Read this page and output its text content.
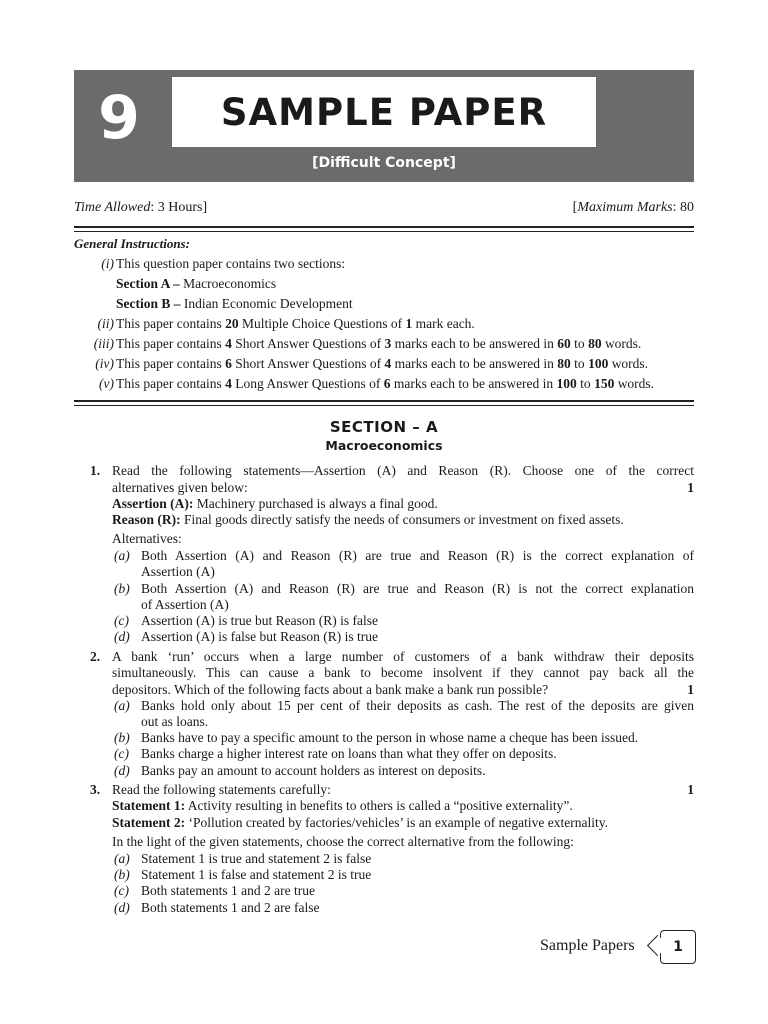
9 SAMPLE PAPER
[Difficult Concept]
Time Allowed: 3 Hours]	[Maximum Marks: 80
General Instructions:
(i) This question paper contains two sections:
Section A – Macroeconomics
Section B – Indian Economic Development
(ii) This paper contains 20 Multiple Choice Questions of 1 mark each.
(iii) This paper contains 4 Short Answer Questions of 3 marks each to be answered in 60 to 80 words.
(iv) This paper contains 6 Short Answer Questions of 4 marks each to be answered in 80 to 100 words.
(v) This paper contains 4 Long Answer Questions of 6 marks each to be answered in 100 to 150 words.
SECTION – A
Macroeconomics
1. Read the following statements—Assertion (A) and Reason (R). Choose one of the correct
alternatives given below:	1
Assertion (A): Machinery purchased is always a final good.
Reason (R): Final goods directly satisfy the needs of consumers or investment on fixed assets.
Alternatives:
(a) Both Assertion (A) and Reason (R) are true and Reason (R) is the correct explanation of
Assertion (A)
(b) Both Assertion (A) and Reason (R) are true and Reason (R) is not the correct explanation
of Assertion (A)
(c) Assertion (A) is true but Reason (R) is false
(d) Assertion (A) is false but Reason (R) is true
2. A bank ‘run’ occurs when a large number of customers of a bank withdraw their deposits
simultaneously. This can cause a bank to become insolvent if they cannot pay back all the
depositors. Which of the following facts about a bank make a bank run possible?	1
(a) Banks hold only about 15 per cent of their deposits as cash. The rest of the deposits are given
out as loans.
(b) Banks have to pay a specific amount to the person in whose name a cheque has been issued.
(c) Banks charge a higher interest rate on loans than what they offer on deposits.
(d) Banks pay an amount to account holders as interest on deposits.
3. Read the following statements carefully:	1
Statement 1: Activity resulting in benefits to others is called a “positive externality”.
Statement 2: ‘Pollution created by factories/vehicles’ is an example of negative externality.
In the light of the given statements, choose the correct alternative from the following:
(a) Statement 1 is true and statement 2 is false
(b) Statement 1 is false and statement 2 is true
(c) Both statements 1 and 2 are true
(d) Both statements 1 and 2 are false
Sample Papers	1
